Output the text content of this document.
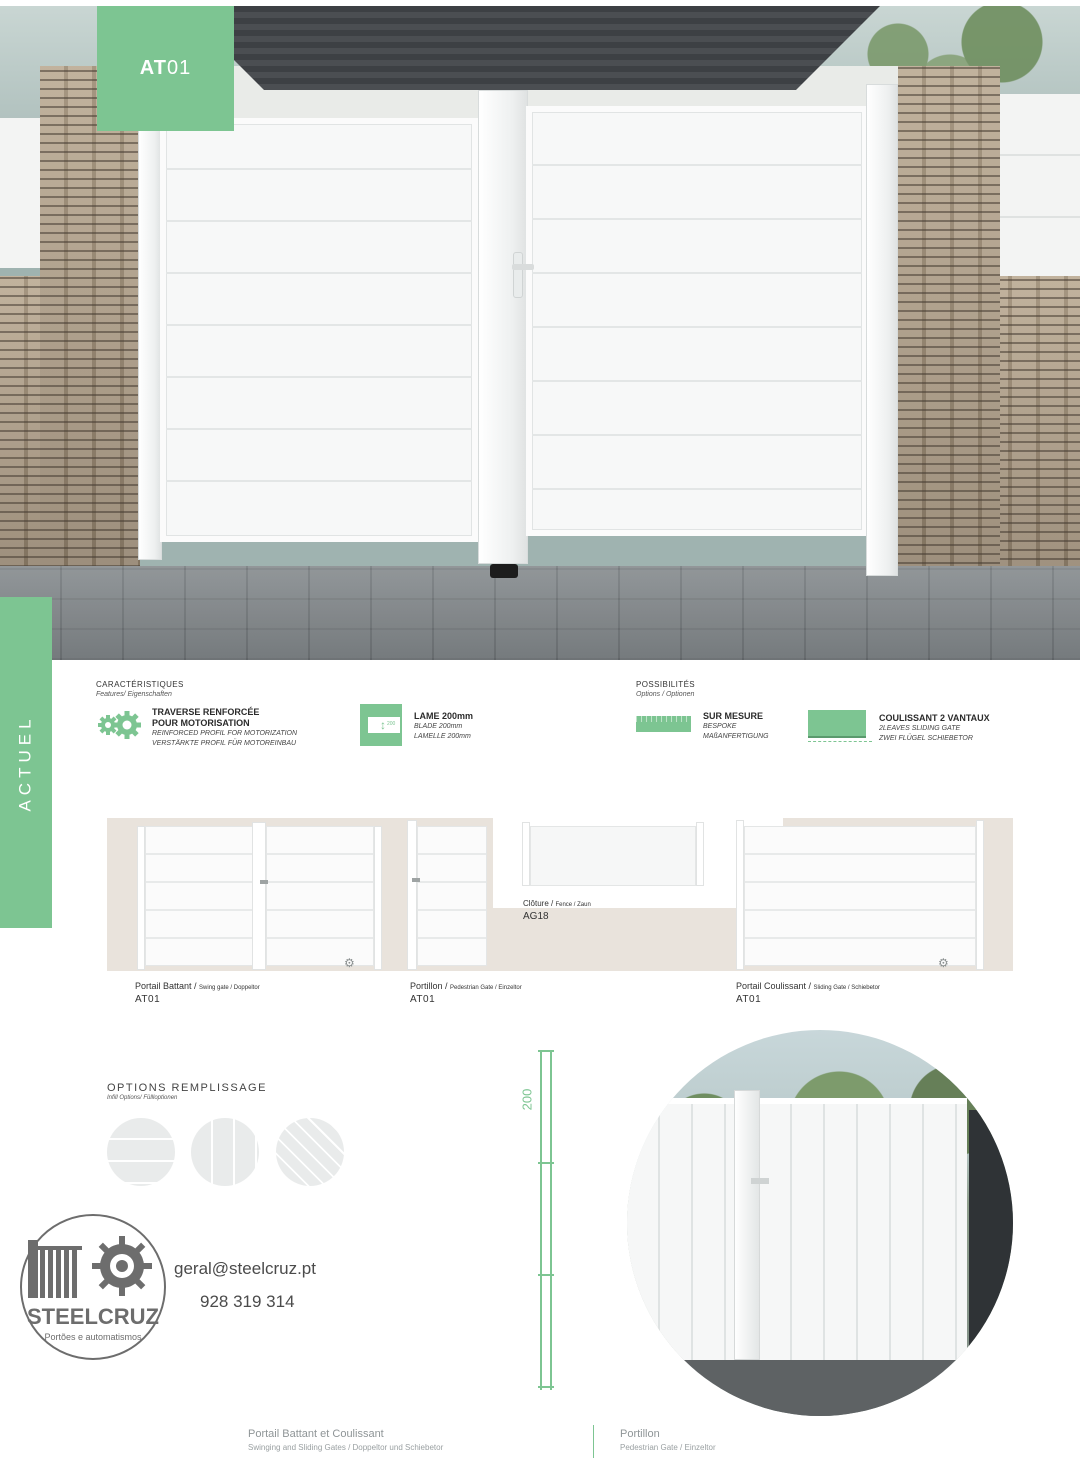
AT 01
ACTUEL
CARACTÉRISTIQUES
Features/ Eigenschaften
TRAVERSE RENFORCÉE
POUR MOTORISATION
REINFORCED PROFIL FOR MOTORIZATION
VERSTÄRKTE PROFIL FÜR MOTOREINBAU
↕ 200
LAME 200mm
BLADE 200mm
LAMELLE 200mm
POSSIBILITÉS
Options / Optionen
SUR MESURE
BESPOKE
MAßANFERTIGUNG
COULISSANT 2 VANTAUX
2LEAVES SLIDING GATE
ZWEI FLÜGEL SCHIEBETOR
⚙
Clôture / Fence / Zaun
AG18
⚙
Portail Battant / Swing gate / Doppeltor
AT01
Portillon / Pedestrian Gate / Einzeltor
AT01
Portail Coulissant / Sliding Gate / Schiebetor
AT01
OPTIONS REMPLISSAGE
Infill Options/ Füllloptionen	200
STEELCRUZ
Portões e automatismos
geral@steelcruz.pt
928 319 314
Portail Battant et Coulissant
Swinging and Sliding Gates / Doppeltor und Schiebetor
Portillon
Pedestrian Gate / Einzeltor
